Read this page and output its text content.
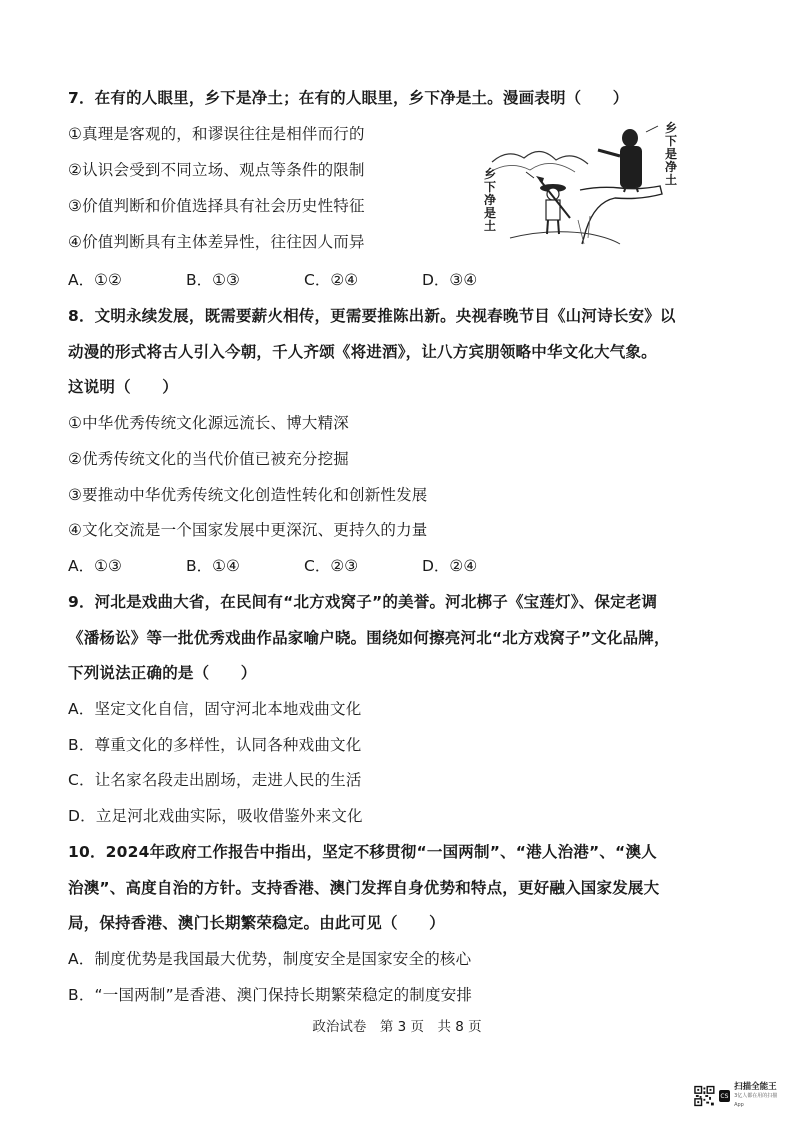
7．在有的人眼里，乡下是净土；在有的人眼里，乡下净是土。漫画表明（　　）
①真理是客观的，和谬误往往是相伴而行的
②认识会受到不同立场、观点等条件的限制
③价值判断和价值选择具有社会历史性特征
④价值判断具有主体差异性，往往因人而异
A．①②	B．①③	C．②④	D．③④
乡下是净土
乡下净是土
8．文明永续发展，既需要薪火相传，更需要推陈出新。央视春晚节目《山河诗长安》以
动漫的形式将古人引入今朝，千人齐颂《将进酒》，让八方宾朋领略中华文化大气象。
这说明（　　）
①中华优秀传统文化源远流长、博大精深
②优秀传统文化的当代价值已被充分挖掘
③要推动中华优秀传统文化创造性转化和创新性发展
④文化交流是一个国家发展中更深沉、更持久的力量
A．①③	B．①④	C．②③	D．②④
9．河北是戏曲大省，在民间有“北方戏窝子”的美誉。河北梆子《宝莲灯》、保定老调
《潘杨讼》等一批优秀戏曲作品家喻户晓。围绕如何擦亮河北“北方戏窝子”文化品牌，
下列说法正确的是（　　）
A．坚定文化自信，固守河北本地戏曲文化
B．尊重文化的多样性，认同各种戏曲文化
C．让名家名段走出剧场，走进人民的生活
D．立足河北戏曲实际，吸收借鉴外来文化
10．2024年政府工作报告中指出，坚定不移贯彻“一国两制”、“港人治港”、“澳人
治澳”、高度自治的方针。支持香港、澳门发挥自身优势和特点，更好融入国家发展大
局，保持香港、澳门长期繁荣稳定。由此可见（　　）
A．制度优势是我国最大优势，制度安全是国家安全的核心
B．“一国两制”是香港、澳门保持长期繁荣稳定的制度安排
政治试卷　第 3 页　共 8 页
CS
扫描全能王
3亿人都在用的扫描App
